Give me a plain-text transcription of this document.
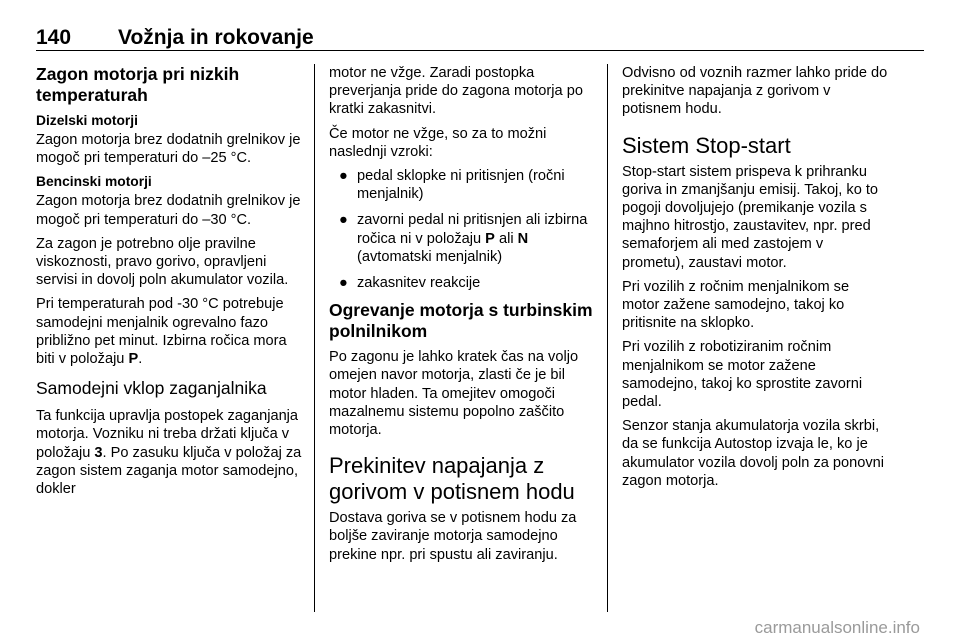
140 Vožnja in rokovanje
Zagon motorja pri nizkih temperaturah
Dizelski motorji

Zagon motorja brez dodatnih grelnikov je mogoč pri temperaturi do –25 °C.

Bencinski motorji

Zagon motorja brez dodatnih grelnikov je mogoč pri temperaturi do –30 °C.

Za zagon je potrebno olje pravilne viskoznosti, pravo gorivo, opravljeni servisi in dovolj poln akumulator vozila.

Pri temperaturah pod -30 °C potrebuje samodejni menjalnik ogrevalno fazo približno pet minut. Izbirna ročica mora biti v položaju P.

Samodejni vklop zaganjalnika

Ta funkcija upravlja postopek zaganjanja motorja. Vozniku ni treba držati ključa v položaju 3. Po zasuku ključa v položaj za zagon sistem zaganja motor samodejno, dokler

motor ne vžge. Zaradi postopka preverjanja pride do zagona motorja po kratki zakasnitvi.

Če motor ne vžge, so za to možni naslednji vzroki:

● pedal sklopke ni pritisnjen (ročni menjalnik)
● zavorni pedal ni pritisnjen ali izbirna ročica ni v položaju P ali N (avtomatski menjalnik)
● zakasnitev reakcije
Ogrevanje motorja s turbinskim polnilnikom

Po zagonu je lahko kratek čas na voljo omejen navor motorja, zlasti če je bil motor hladen. Ta omejitev omogoči mazalnemu sistemu popolno zaščito motorja.

Prekinitev napajanja z gorivom v potisnem hodu

Dostava goriva se v potisnem hodu za boljše zaviranje motorja samodejno prekine npr. pri spustu ali zaviranju.

Odvisno od voznih razmer lahko pride do prekinitve napajanja z gorivom v potisnem hodu.

Sistem Stop-start

Stop-start sistem prispeva k prihranku goriva in zmanjšanju emisij. Takoj, ko to pogoji dovoljujejo (premikanje vozila s majhno hitrostjo, zaustavitev, npr. pred semaforjem ali med zastojem v prometu), zaustavi motor.

Pri vozilih z ročnim menjalnikom se motor zažene samodejno, takoj ko pritisnite na sklopko.

Pri vozilih z robotiziranim ročnim menjalnikom se motor zažene samodejno, takoj ko sprostite zavorni pedal.

Senzor stanja akumulatorja vozila skrbi, da se funkcija Autostop izvaja le, ko je akumulator vozila dovolj poln za ponovni zagon motorja.

carmanualsonline.info
